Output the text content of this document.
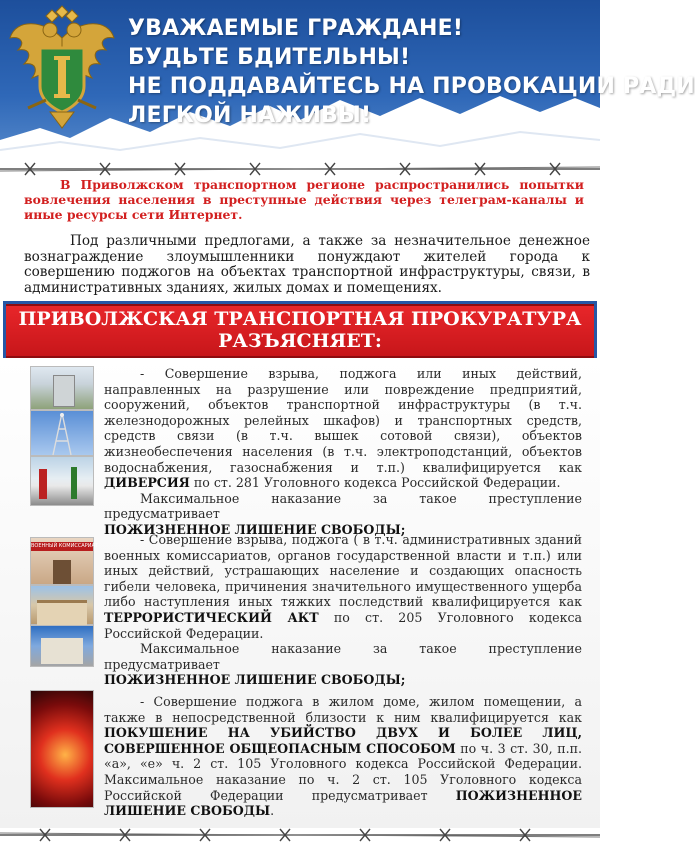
УВАЖАЕМЫЕ ГРАЖДАНЕ!
БУДЬТЕ БДИТЕЛЬНЫ!
НЕ ПОДДАВАЙТЕСЬ НА ПРОВОКАЦИИ РАДИ
ЛЕГКОЙ НАЖИВЫ!
В Приволжском транспортном регионе распространились попытки вовлечения населения в преступные действия через телеграм-каналы и иные ресурсы сети Интернет.
Под различными предлогами, а также за незначительное денежное вознаграждение злоумышленники понуждают жителей города к совершению поджогов на объектах транспортной инфраструктуры, связи, в административных зданиях, жилых домах и помещениях.
ПРИВОЛЖСКАЯ ТРАНСПОРТНАЯ ПРОКУРАТУРА
РАЗЪЯСНЯЕТ:

- Совершение взрыва, поджога или иных действий, направленных на разрушение или повреждение предприятий, сооружений, объектов транспортной инфраструктуры (в т.ч. железнодорожных релейных шкафов) и транспортных средств, средств связи (в т.ч. вышек сотовой связи), объектов жизнеобеспечения населения (в т.ч. электроподстанций, объектов водоснабжения, газоснабжения и т.п.) квалифицируется как ДИВЕРСИЯ по ст. 281 Уголовного кодекса Российской Федерации.

Максимальное наказание за такое преступление предусматривает

ПОЖИЗНЕННОЕ ЛИШЕНИЕ СВОБОДЫ;

ВОЕННЫЙ КОМИССАРИАТ	- Совершение взрыва, поджога ( в т.ч. административных зданий военных комиссариатов, органов государственной власти и т.п.) или иных действий, устрашающих население и создающих опасность гибели человека, причинения значительного имущественного ущерба либо наступления иных тяжких последствий квалифицируется как ТЕРРОРИСТИЧЕСКИЙ АКТ по ст. 205 Уголовного кодекса Российской Федерации.

Максимальное наказание за такое преступление предусматривает

ПОЖИЗНЕННОЕ ЛИШЕНИЕ СВОБОДЫ;

- Совершение поджога в жилом доме, жилом помещении, а также в непосредственной близости к ним квалифицируется как ПОКУШЕНИЕ НА УБИЙСТВО ДВУХ И БОЛЕЕ ЛИЦ, СОВЕРШЕННОЕ ОБЩЕОПАСНЫМ СПОСОБОМ по ч. 3 ст. 30, п.п. «а», «е» ч. 2 ст. 105 Уголовного кодекса Российской Федерации. Максимальное наказание по ч. 2 ст. 105 Уголовного кодекса Российской Федерации предусматривает ПОЖИЗНЕННОЕ ЛИШЕНИЕ СВОБОДЫ.
